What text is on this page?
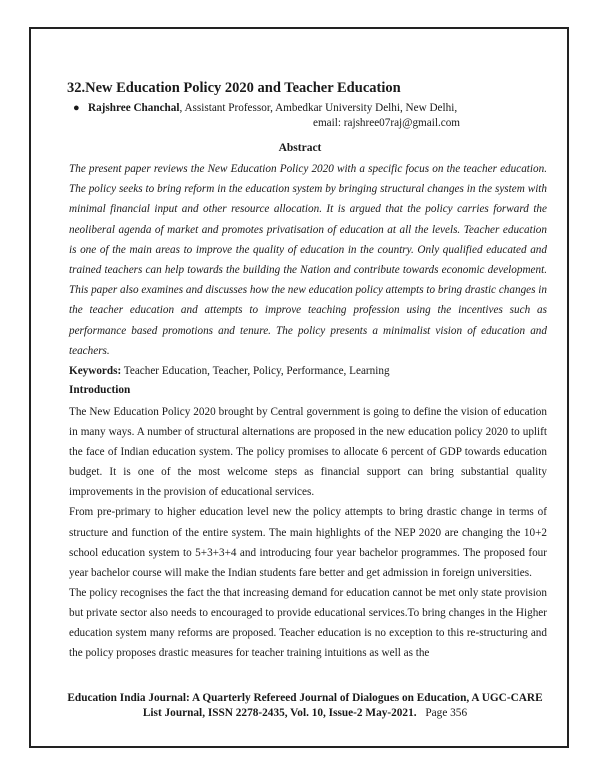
32.New Education Policy 2020 and Teacher Education
● Rajshree Chanchal, Assistant Professor, Ambedkar University Delhi, New Delhi,
email: rajshree07raj@gmail.com
Abstract

The present paper reviews the New Education Policy 2020 with a specific focus on the teacher education. The policy seeks to bring reform in the education system by bringing structural changes in the system with minimal financial input and other resource allocation. It is argued that the policy carries forward the neoliberal agenda of market and promotes privatisation of education at all the levels. Teacher education is one of the main areas to improve the quality of education in the country. Only qualified educated and trained teachers can help towards the building the Nation and contribute towards economic development. This paper also examines and discusses how the new education policy attempts to bring drastic changes in the teacher education and attempts to improve teaching profession using the incentives such as performance based promotions and tenure. The policy presents a minimalist vision of education and teachers.

Keywords: Teacher Education, Teacher, Policy, Performance, Learning

Introduction

The New Education Policy 2020 brought by Central government is going to define the vision of education in many ways. A number of structural alternations are proposed in the new education policy 2020 to uplift the face of Indian education system. The policy promises to allocate 6 percent of GDP towards education budget. It is one of the most welcome steps as financial support can bring substantial quality improvements in the provision of educational services.

From pre-primary to higher education level new the policy attempts to bring drastic change in terms of structure and function of the entire system. The main highlights of the NEP 2020 are changing the 10+2 school education system to 5+3+3+4 and introducing four year bachelor programmes. The proposed four year bachelor course will make the Indian students fare better and get admission in foreign universities.

The policy recognises the fact the that increasing demand for education cannot be met only state provision but private sector also needs to encouraged to provide educational services.To bring changes in the Higher education system many reforms are proposed. Teacher education is no exception to this re-structuring and the policy proposes drastic measures for teacher training intuitions as well as the

Education India Journal: A Quarterly Refereed Journal of Dialogues on Education, A UGC-CARE List Journal, ISSN 2278-2435, Vol. 10, Issue-2 May-2021. Page 356
